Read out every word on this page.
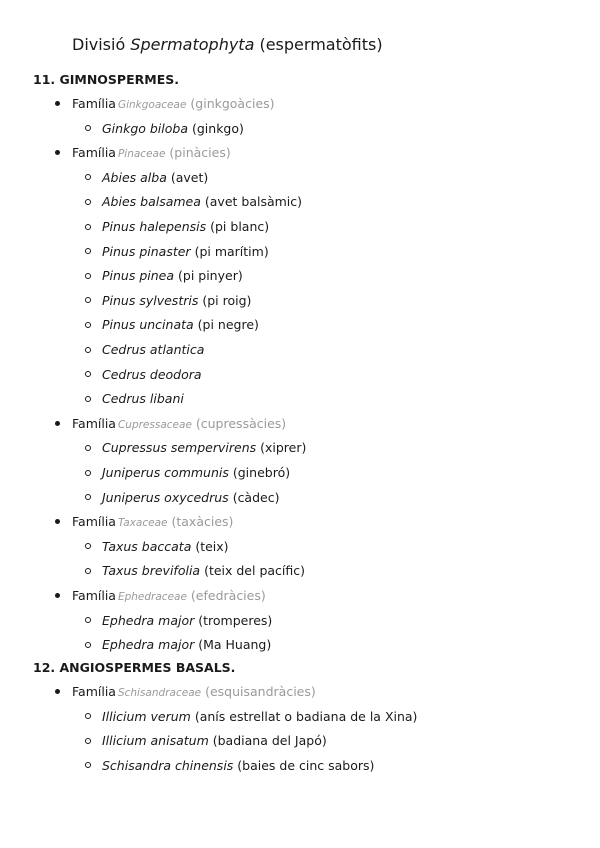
Divisió Spermatophyta (espermatòfits)
11. GIMNOSPERMES.
Família Ginkgoaceae (ginkgoàcies)
Ginkgo biloba (ginkgo)
Família Pinaceae (pinàcies)
Abies alba (avet)
Abies balsamea (avet balsàmic)
Pinus halepensis (pi blanc)
Pinus pinaster (pi marítim)
Pinus pinea (pi pinyer)
Pinus sylvestris (pi roig)
Pinus uncinata (pi negre)
Cedrus atlantica
Cedrus deodora
Cedrus libani
Família Cupressaceae (cupressàcies)
Cupressus sempervirens (xiprer)
Juniperus communis (ginebró)
Juniperus oxycedrus (càdec)
Família Taxaceae (taxàcies)
Taxus baccata (teix)
Taxus brevifolia (teix del pacífic)
Família Ephedraceae (efedràcies)
Ephedra major (tromperes)
Ephedra major (Ma Huang)
12. ANGIOSPERMES BASALS.
Família Schisandraceae (esquisandràcies)
Illicium verum (anís estrellat o badiana de la Xina)
Illicium anisatum (badiana del Japó)
Schisandra chinensis (baies de cinc sabors)
